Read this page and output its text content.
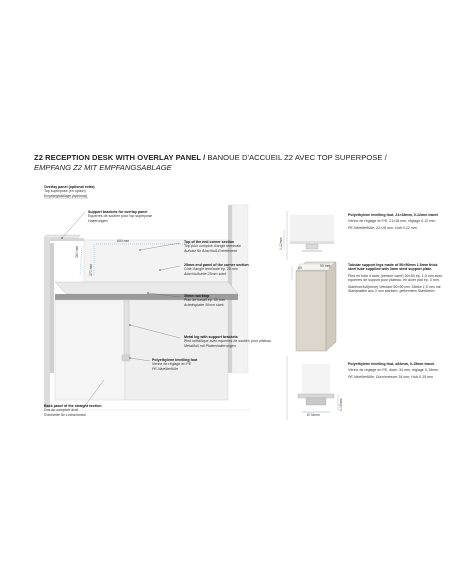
Z2 RECEPTION DESK WITH OVERLAY PANEL / BANOUE D'ACCUEIL Z2 AVEC TOP SUPERPOSE /
EMPFANG Z2 MIT EMPFANGSABLAGE
600 mm
360 mm
370 mm
Overlay panel (optional extra)
Top superpose (en option)
Empfangsablage (optional)
Support brackets for overlay panel
Equerres de soutien pour top superpose
Halterungen
Top of the end corner section
Top pour comptoir d'angle terminale
Aufsatz für Abschluß-Eckelement
25mm end panel of the corner section
Côté d'angle terminale ép. 25 mm
Abschlußseite 25mm stark
30mm worktop
Plan de travail ép. 30 mm
Arbeitsplatte 30mm stark
Metal leg with support brackets
Pied métallique avec equerres de soutien pour plateau
Metallfuß mit Plattenhalterungen
Polyethylene levelling foot
Vérine de réglage en PE
PE-Nivellierfüße
Back panel of the straight section
Dos du comptoir droit
Rückseite für Linearmodul
Polyethylene levelling foot, 21×18mm, 0-12mm travel
Vérine de réglage en PE, 21×18 mm, réglage 0-12 mm
PE-Nivellierfüße, 21×18 mm, Hub 0-12 mm
0-12mm
Tubular support legs made of 50×50mm 1.5mm thick steel tube supplied with 3mm steel support plate.
Pied en tube d'acier (section carré) 50×50 ép. 1,5 mm avec equerres de support pour plateau, en acier plat ép. 3 mm.
Stahlrohrfuß(ohne) Vierkant 50×50 mm Stärke 1,5 mm mit Stahlplatten aus 3 mm starkem, geformtem Stahlblech.
50	50 mm
Polyethylene levelling foot, ø34mm, 0-15mm travel.
Vérine de réglage en PE, diam. 34 mm, réglage 0-15mm
PE-Nivellierfüße, Durchmesser 34 mm, Hub 0-15 mm
Ø 34mm
0-15mm
